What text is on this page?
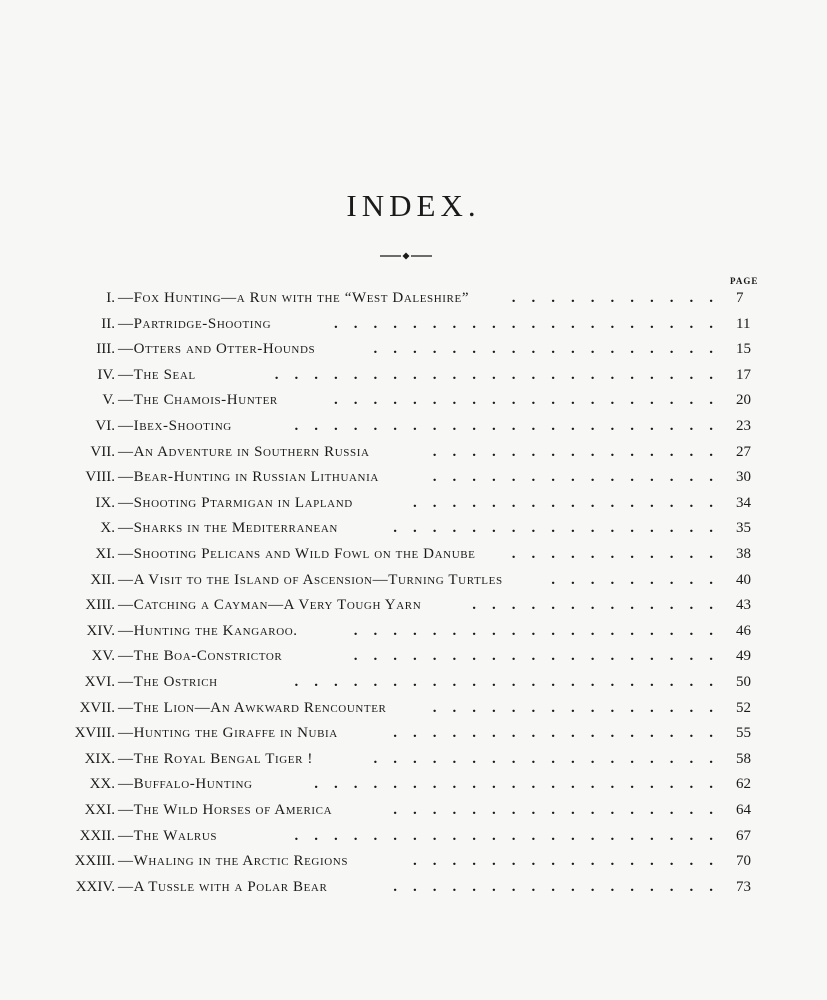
INDEX.
PAGE
I. —Fox Hunting—a Run with the “West Daleshire”	........... 7
II. —Partridge-Shooting	.................... 11
III. —Otters and Otter-Hounds	.................. 15
IV. —The Seal	....................... 17
V. —The Chamois-Hunter	.................... 20
VI. —Ibex-Shooting	...................... 23
VII. —An Adventure in Southern Russia	............... 27
VIII. —Bear-Hunting in Russian Lithuania	............... 30
IX. —Shooting Ptarmigan in Lapland	................ 34
X. —Sharks in the Mediterranean	................. 35
XI. —Shooting Pelicans and Wild Fowl on the Danube	........... 38
XII. —A Visit to the Island of Ascension—Turning Turtles	......... 40
XIII. —Catching a Cayman—A Very Tough Yarn	............. 43
XIV. —Hunting the Kangaroo.	................... 46
XV. —The Boa-Constrictor	................... 49
XVI. —The Ostrich	...................... 50
XVII. —The Lion—An Awkward Rencounter	............... 52
XVIII. —Hunting the Giraffe in Nubia	................. 55
XIX. —The Royal Bengal Tiger !	.................. 58
XX. —Buffalo-Hunting	..................... 62
XXI. —The Wild Horses of America	................. 64
XXII. —The Walrus	...................... 67
XXIII. —Whaling in the Arctic Regions	................ 70
XXIV. —A Tussle with a Polar Bear	................. 73
